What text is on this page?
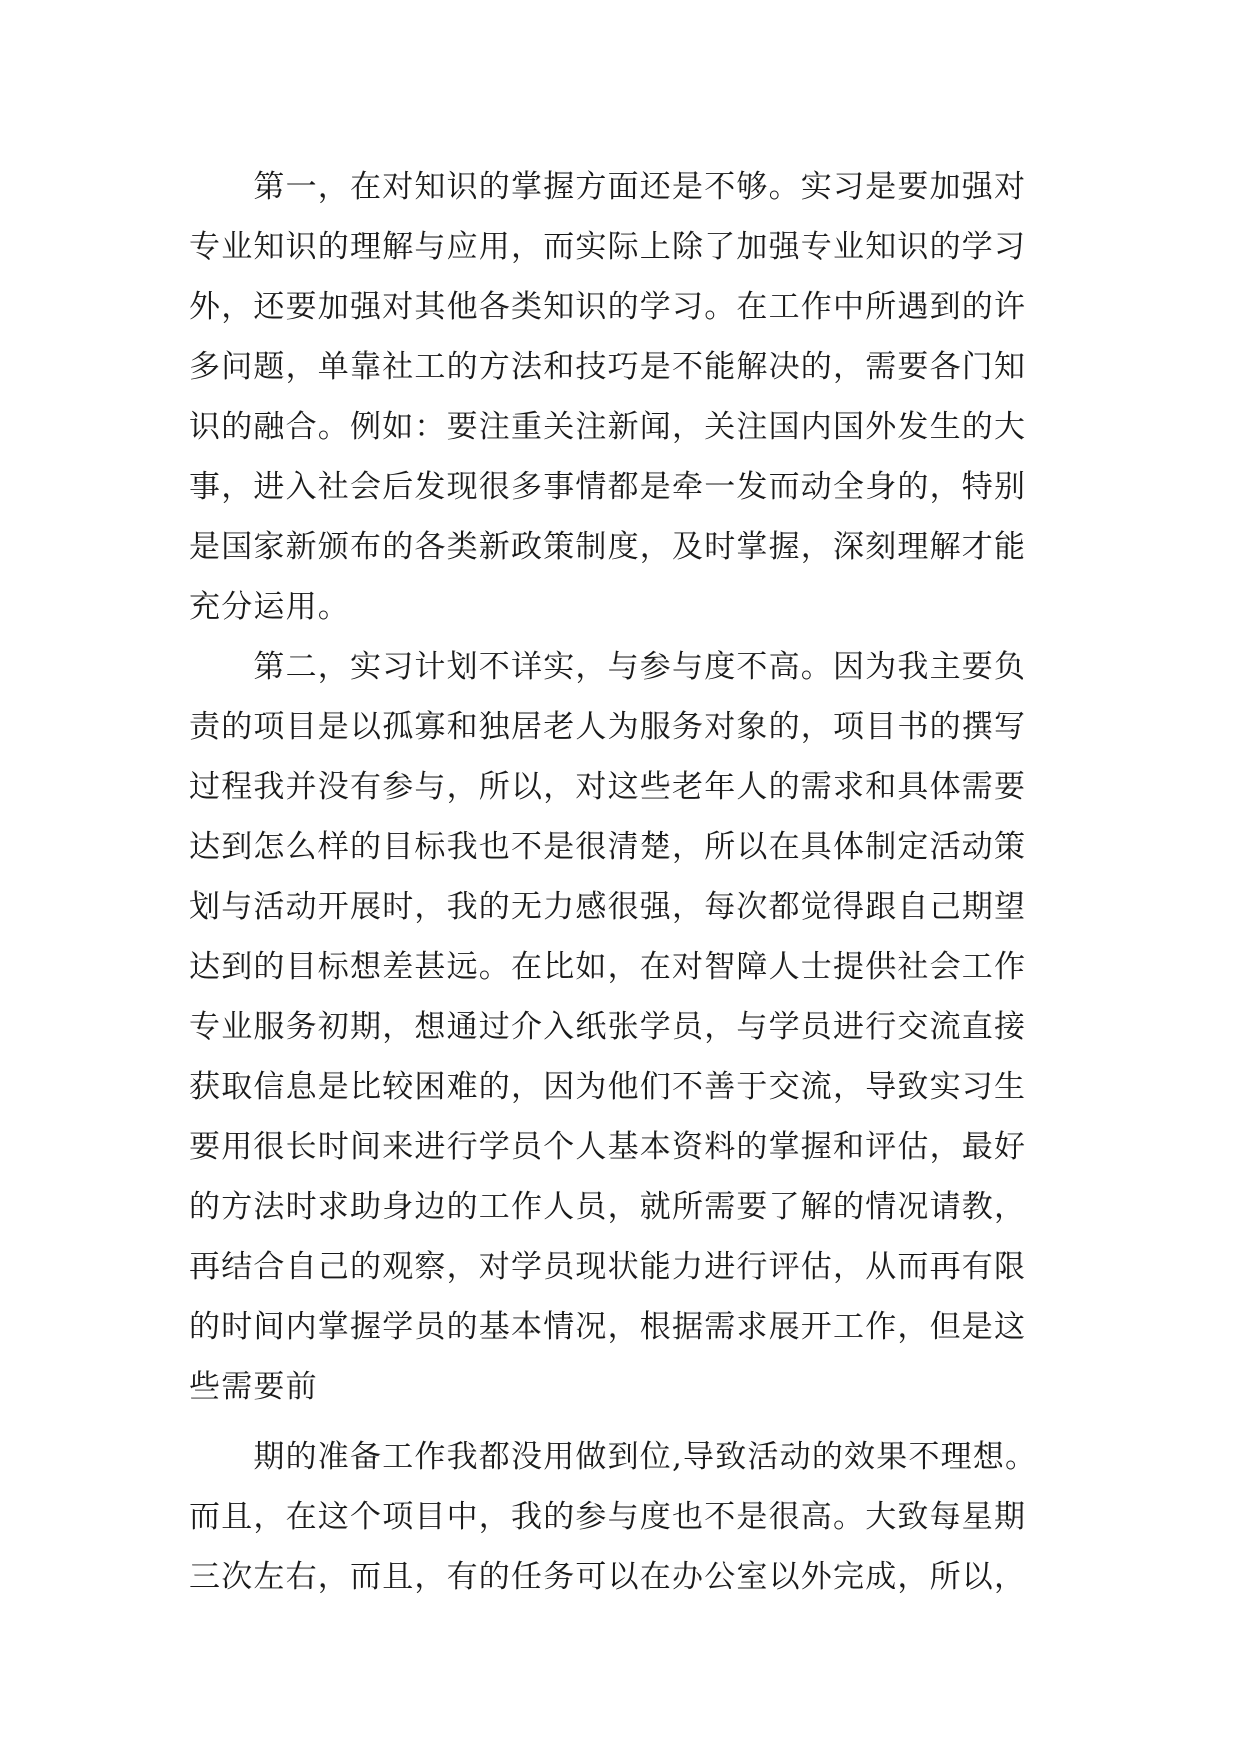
　　第一，在对知识的掌握方面还是不够。实习是要加强对
专业知识的理解与应用，而实际上除了加强专业知识的学习
外，还要加强对其他各类知识的学习。在工作中所遇到的许
多问题，单靠社工的方法和技巧是不能解决的，需要各门知
识的融合。例如：要注重关注新闻，关注国内国外发生的大
事，进入社会后发现很多事情都是牵一发而动全身的，特别
是国家新颁布的各类新政策制度，及时掌握，深刻理解才能
充分运用。
　　第二，实习计划不详实，与参与度不高。因为我主要负
责的项目是以孤寡和独居老人为服务对象的，项目书的撰写
过程我并没有参与，所以，对这些老年人的需求和具体需要
达到怎么样的目标我也不是很清楚，所以在具体制定活动策
划与活动开展时，我的无力感很强，每次都觉得跟自己期望
达到的目标想差甚远。在比如，在对智障人士提供社会工作
专业服务初期，想通过介入纸张学员，与学员进行交流直接
获取信息是比较困难的，因为他们不善于交流，导致实习生
要用很长时间来进行学员个人基本资料的掌握和评估，最好
的方法时求助身边的工作人员，就所需要了解的情况请教，
再结合自己的观察，对学员现状能力进行评估，从而再有限
的时间内掌握学员的基本情况，根据需求展开工作，但是这
些需要前
　　期的准备工作我都没用做到位,导致活动的效果不理想。
而且，在这个项目中，我的参与度也不是很高。大致每星期
三次左右，而且，有的任务可以在办公室以外完成，所以，
